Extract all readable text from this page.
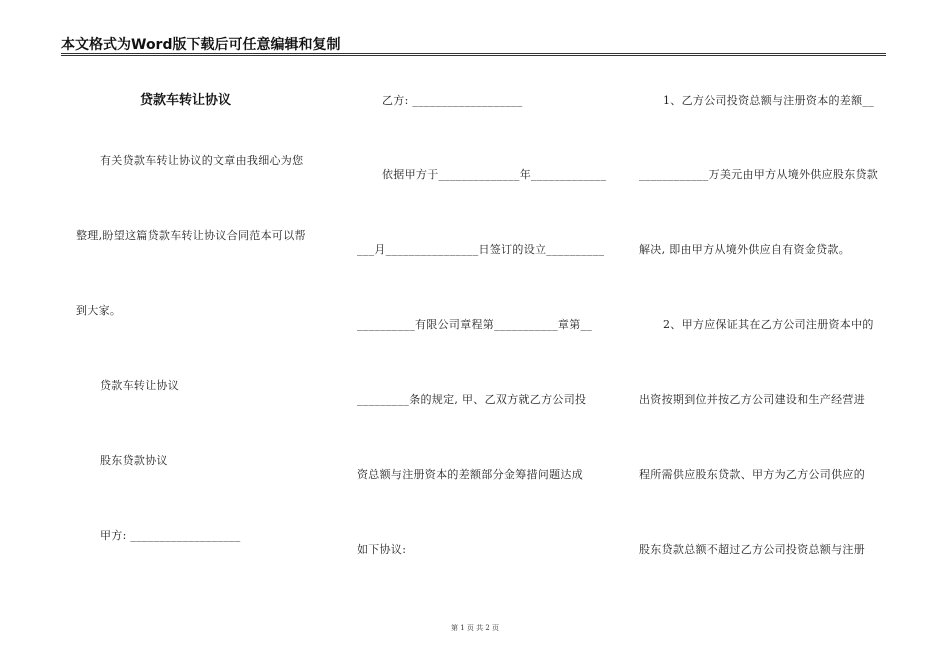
本文格式为Word版下载后可任意编辑和复制
贷款车转让协议
有关贷款车转让协议的文章由我细心为您
整理,盼望这篇贷款车转让协议合同范本可以帮
到大家。
贷款车转让协议
股东贷款协议
甲方: ___________________
乙方: ___________________
依据甲方于______________年_____________
___月________________日签订的设立__________
__________有限公司章程第___________章第__
_________条的规定, 甲、乙双方就乙方公司投
资总额与注册资本的差额部分金筹措问题达成
如下协议:
1、乙方公司投资总额与注册资本的差额__
____________万美元由甲方从境外供应股东贷款
解决, 即由甲方从境外供应自有资金贷款。
2、甲方应保证其在乙方公司注册资本中的
出资按期到位并按乙方公司建设和生产经营进
程所需供应股东贷款、甲方为乙方公司供应的
股东贷款总额不超过乙方公司投资总额与注册
第 1 页 共 2 页
